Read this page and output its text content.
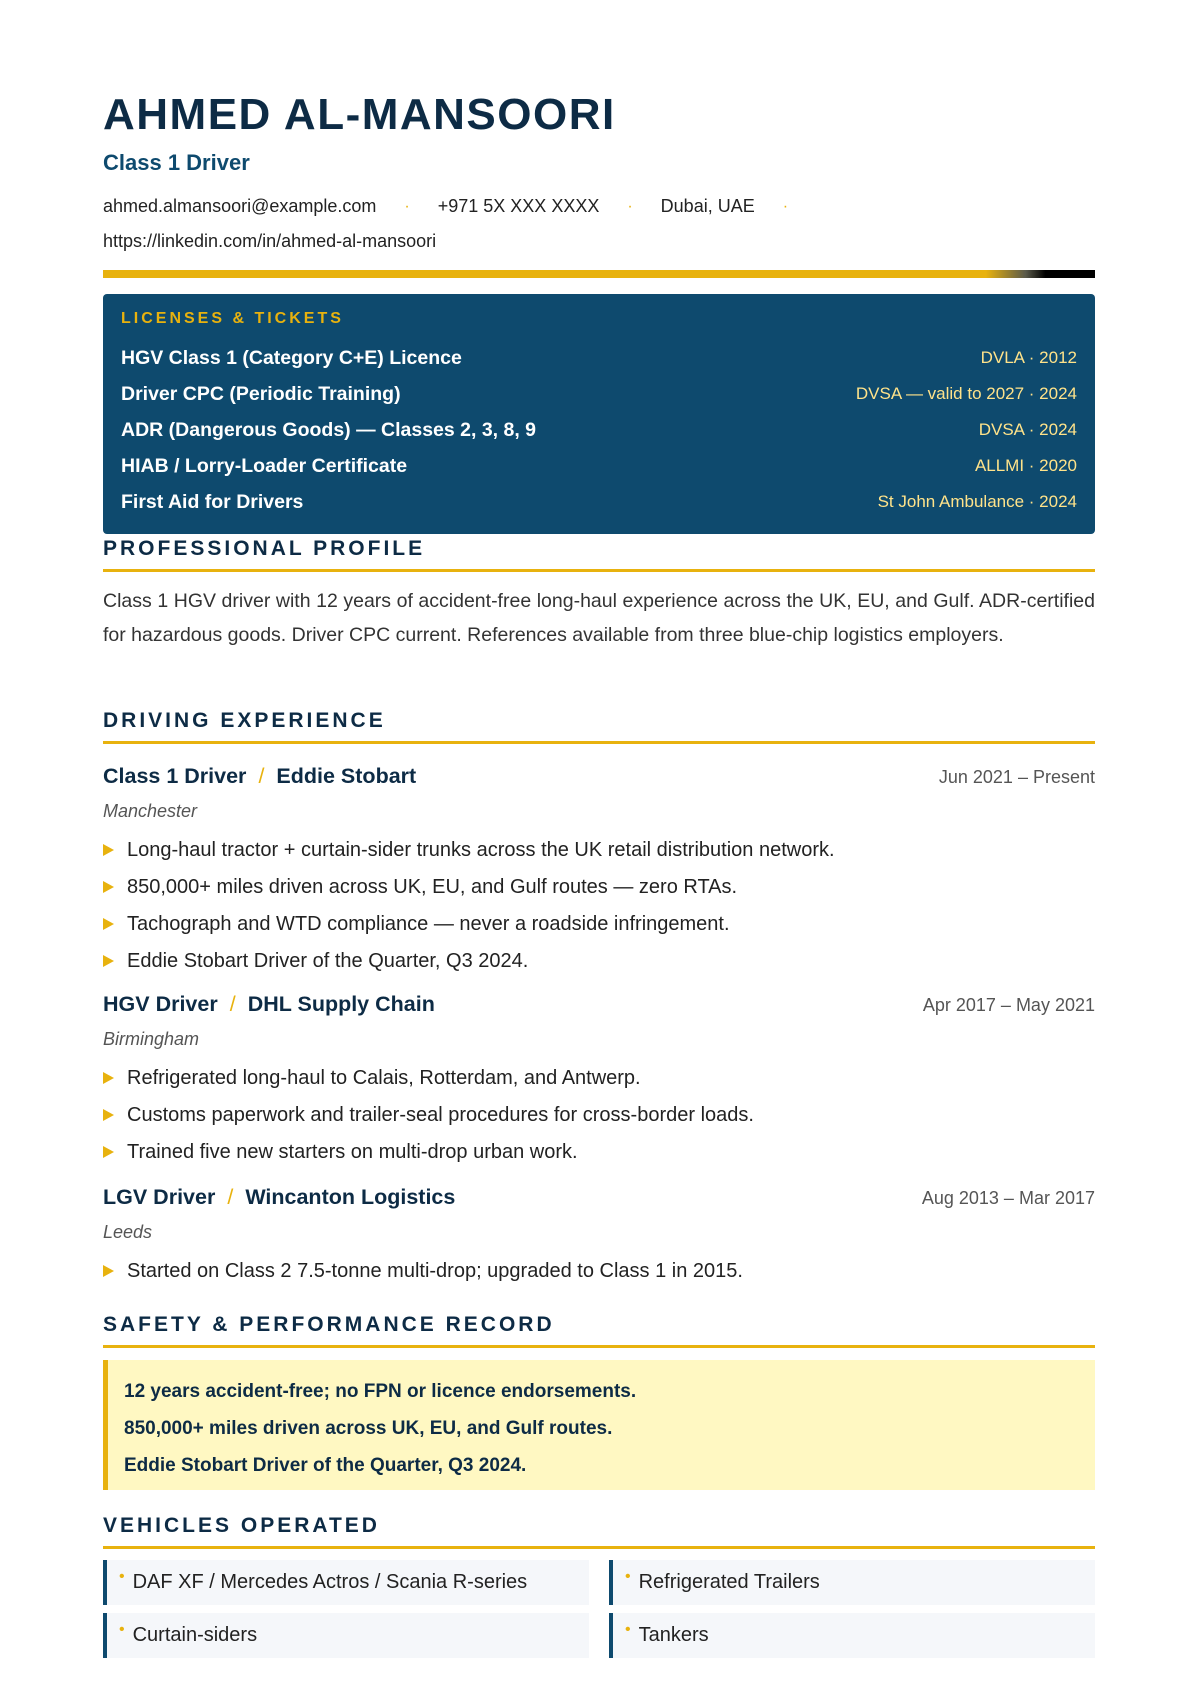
AHMED AL-MANSOORI
Class 1 Driver
ahmed.almansoori@example.com · +971 5X XXX XXXX · Dubai, UAE ·
https://linkedin.com/in/ahmed-al-mansoori
LICENSES & TICKETS
HGV Class 1 (Category C+E) Licence	DVLA · 2012
Driver CPC (Periodic Training)	DVSA — valid to 2027 · 2024
ADR (Dangerous Goods) — Classes 2, 3, 8, 9	DVSA · 2024
HIAB / Lorry-Loader Certificate	ALLMI · 2020
First Aid for Drivers	St John Ambulance · 2024
PROFESSIONAL PROFILE

Class 1 HGV driver with 12 years of accident-free long-haul experience across the UK, EU, and Gulf. ADR-certified for hazardous goods. Driver CPC current. References available from three blue-chip logistics employers.

DRIVING EXPERIENCE
Class 1 Driver / Eddie Stobart	Jun 2021 – Present
Manchester
Long-haul tractor + curtain-sider trunks across the UK retail distribution network.
850,000+ miles driven across UK, EU, and Gulf routes — zero RTAs.
Tachograph and WTD compliance — never a roadside infringement.
Eddie Stobart Driver of the Quarter, Q3 2024.
HGV Driver / DHL Supply Chain	Apr 2017 – May 2021
Birmingham
Refrigerated long-haul to Calais, Rotterdam, and Antwerp.
Customs paperwork and trailer-seal procedures for cross-border loads.
Trained five new starters on multi-drop urban work.
LGV Driver / Wincanton Logistics	Aug 2013 – Mar 2017
Leeds
Started on Class 2 7.5-tonne multi-drop; upgraded to Class 1 in 2015.
SAFETY & PERFORMANCE RECORD
12 years accident-free; no FPN or licence endorsements.
850,000+ miles driven across UK, EU, and Gulf routes.
Eddie Stobart Driver of the Quarter, Q3 2024.
VEHICLES OPERATED
• DAF XF / Mercedes Actros / Scania R-series	• Refrigerated Trailers
• Curtain-siders	• Tankers
